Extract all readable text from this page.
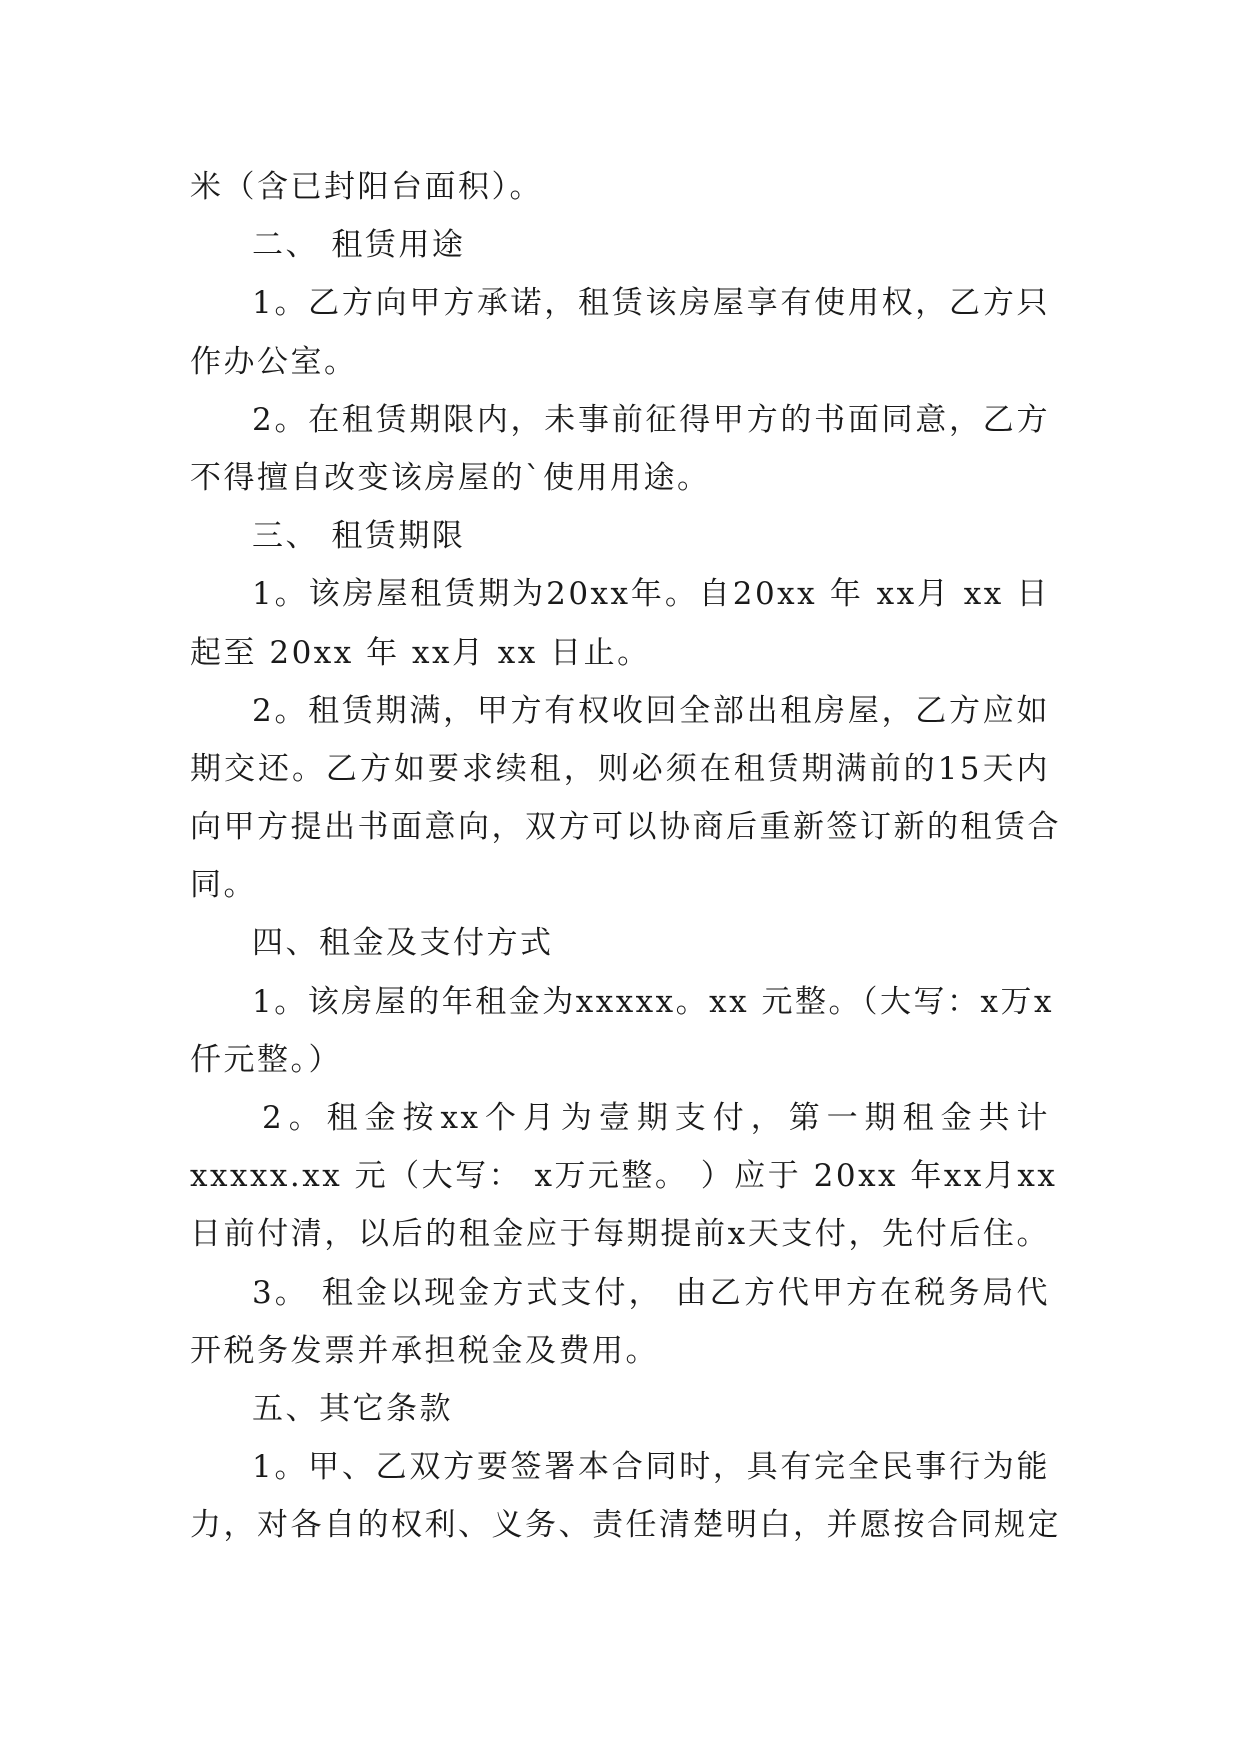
米（含已封阳台面积）。
二、 租赁用途
1。乙方向甲方承诺，租赁该房屋享有使用权，乙方只
作办公室。
2。在租赁期限内，未事前征得甲方的书面同意，乙方
不得擅自改变该房屋的`使用用途。
三、 租赁期限
1。该房屋租赁期为20xx年。自20xx 年 xx月 xx 日
起至 20xx 年 xx月 xx 日止。
2。租赁期满，甲方有权收回全部出租房屋，乙方应如
期交还。乙方如要求续租，则必须在租赁期满前的15天内
向甲方提出书面意向，双方可以协商后重新签订新的租赁合
同。
四、租金及支付方式
1。该房屋的年租金为xxxxx。xx 元整。（大写：x万x
仟元整。）
2。租金按xx个月为壹期支付，第一期租金共计
xxxxx.xx 元（大写： x万元整。 ）应于 20xx 年xx月xx
日前付清，以后的租金应于每期提前x天支付，先付后住。
3。 租金以现金方式支付， 由乙方代甲方在税务局代
开税务发票并承担税金及费用。
五、其它条款
1。甲、乙双方要签署本合同时，具有完全民事行为能
力，对各自的权利、义务、责任清楚明白，并愿按合同规定
